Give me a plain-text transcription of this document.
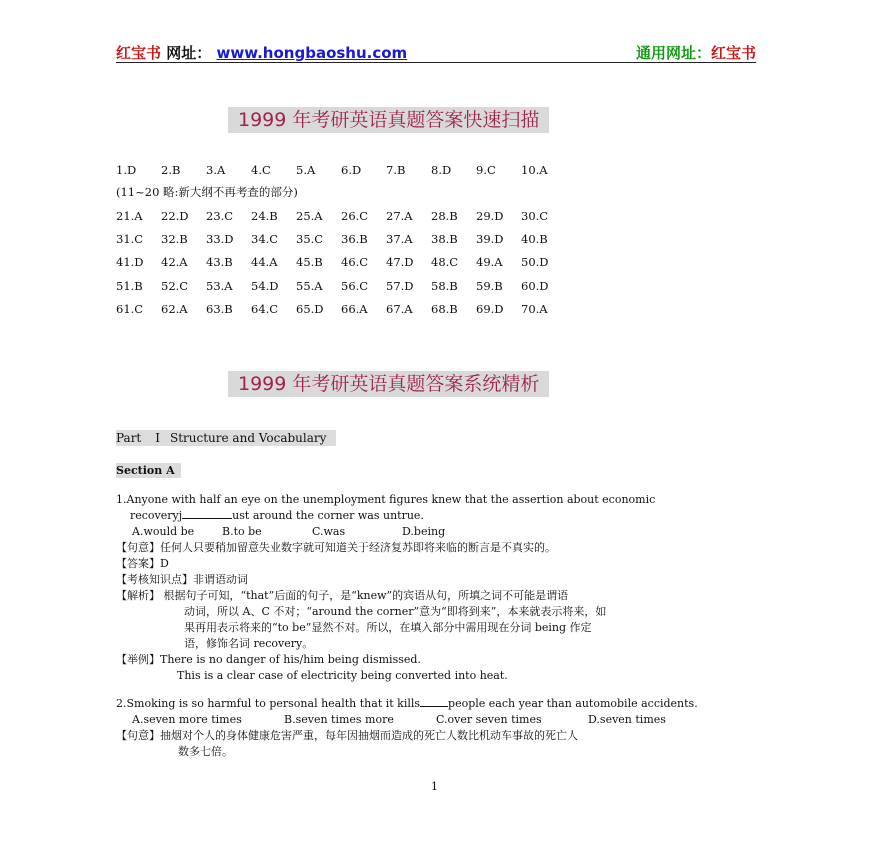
红宝书 网址： www.hongbaoshu.com	通用网址：红宝书
1999 年考研英语真题答案快速扫描
1.D 2.B 3.A 4.C 5.A 6.D 7.B 8.D 9.C 10.A
(11~20 略:新大纲不再考查的部分)
21.A 22.D 23.C 24.B 25.A 26.C 27.A 28.B 29.D 30.C
31.C 32.B 33.D 34.C 35.C 36.B 37.A 38.B 39.D 40.B
41.D 42.A 43.B 44.A 45.B 46.C 47.D 48.C 49.A 50.D
51.B 52.C 53.A 54.D 55.A 56.C 57.D 58.B 59.B 60.D
61.C 62.A 63.B 64.C 65.D 66.A 67.A 68.B 69.D 70.A
1999 年考研英语真题答案系统精析
Part I Structure and Vocabulary
Section A
1.Anyone with half an eye on the unemployment figures knew that the assertion about economic
recoveryj	ust around the corner was untrue.
A.would be	B.to be	C.was	D.being
【句意】任何人只要稍加留意失业数字就可知道关于经济复苏即将来临的断言是不真实的。
【答案】D
【考核知识点】非谓语动词
【解析】 根据句子可知，“that”后面的句子，是“knew”的宾语从句，所填之词不可能是谓语
动词，所以 A、C 不对；“around the corner”意为“即将到来”，本来就表示将来，如
果再用表示将来的“to be”显然不对。所以，在填入部分中需用现在分词 being 作定
语，修饰名词 recovery。
【举例】There is no danger of his/him being dismissed.
This is a clear case of electricity being converted into heat.
2.Smoking is so harmful to personal health that it kills	people each year than automobile accidents.
A.seven more times	B.seven times more	C.over seven times	D.seven times
【句意】抽烟对个人的身体健康危害严重，每年因抽烟而造成的死亡人数比机动车事故的死亡人
数多七倍。
1
